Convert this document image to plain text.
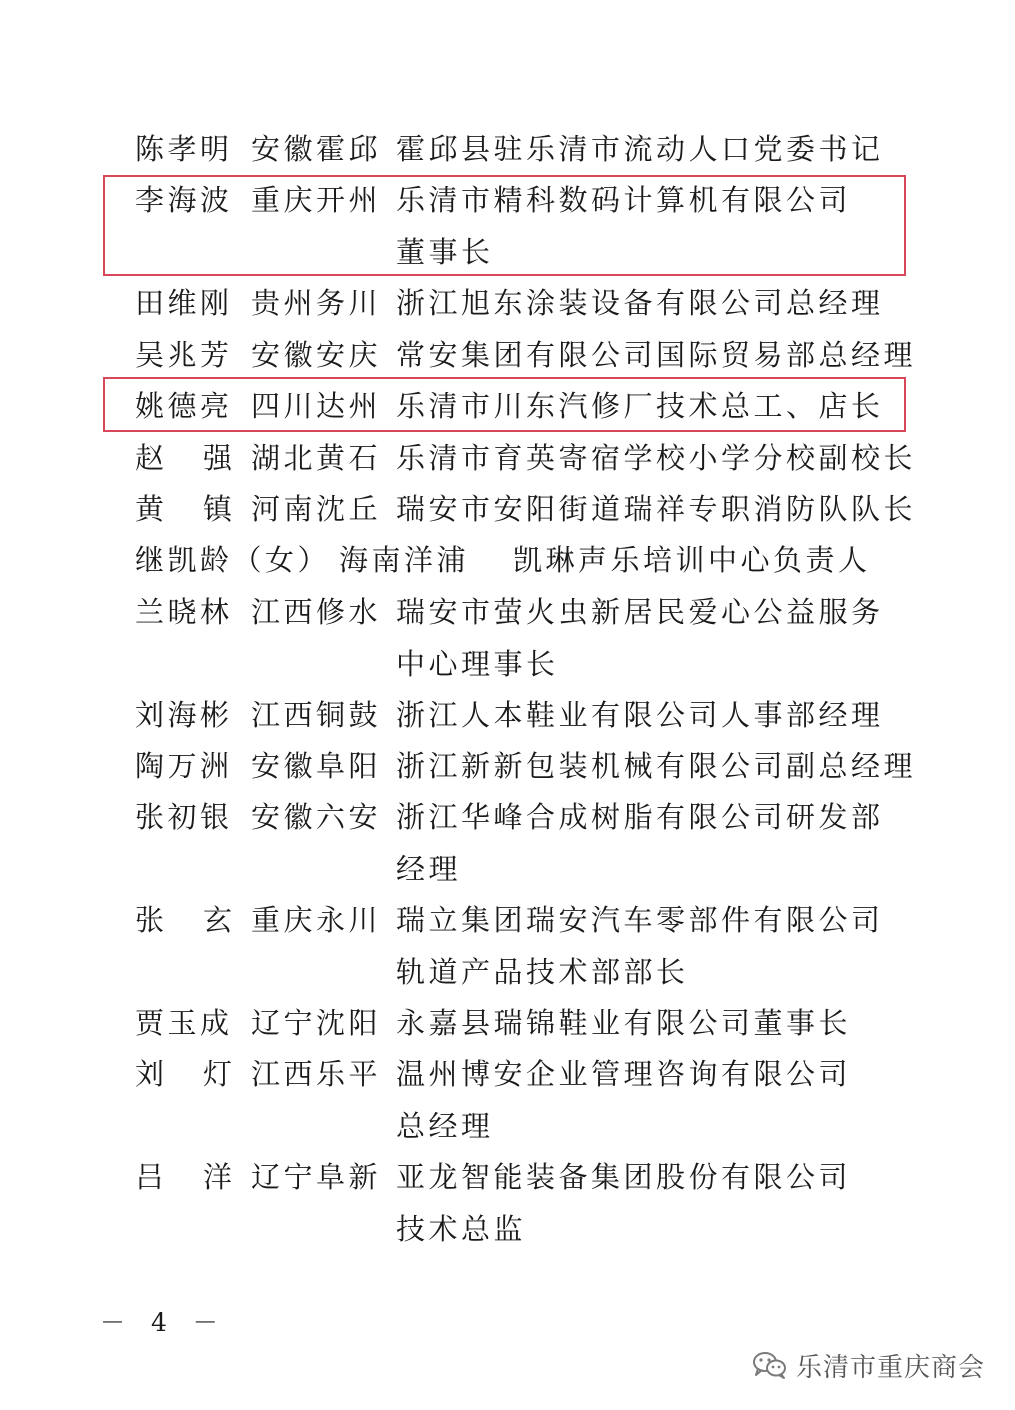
陈孝明 安徽霍邱 霍邱县驻乐清市流动人口党委书记
李海波 重庆开州 乐清市精科数码计算机有限公司
董事长
田维刚 贵州务川 浙江旭东涂装设备有限公司总经理
吴兆芳 安徽安庆 常安集团有限公司国际贸易部总经理
姚德亮 四川达州 乐清市川东汽修厂技术总工、店长
赵强
湖北黄石 乐清市育英寄宿学校小学分校副校长
黄镇
河南沈丘 瑞安市安阳街道瑞祥专职消防队队长
继凯龄（女） 海南洋浦 凯琳声乐培训中心负责人
兰晓林 江西修水 瑞安市萤火虫新居民爱心公益服务
中心理事长
刘海彬 江西铜鼓 浙江人本鞋业有限公司人事部经理
陶万洲 安徽阜阳 浙江新新包装机械有限公司副总经理
张初银 安徽六安 浙江华峰合成树脂有限公司研发部
经理
张玄
重庆永川 瑞立集团瑞安汽车零部件有限公司
轨道产品技术部部长
贾玉成 辽宁沈阳 永嘉县瑞锦鞋业有限公司董事长
刘灯
江西乐平 温州博安企业管理咨询有限公司
总经理
吕洋
辽宁阜新 亚龙智能装备集团股份有限公司
技术总监
－ 4 －
乐清市重庆商会
